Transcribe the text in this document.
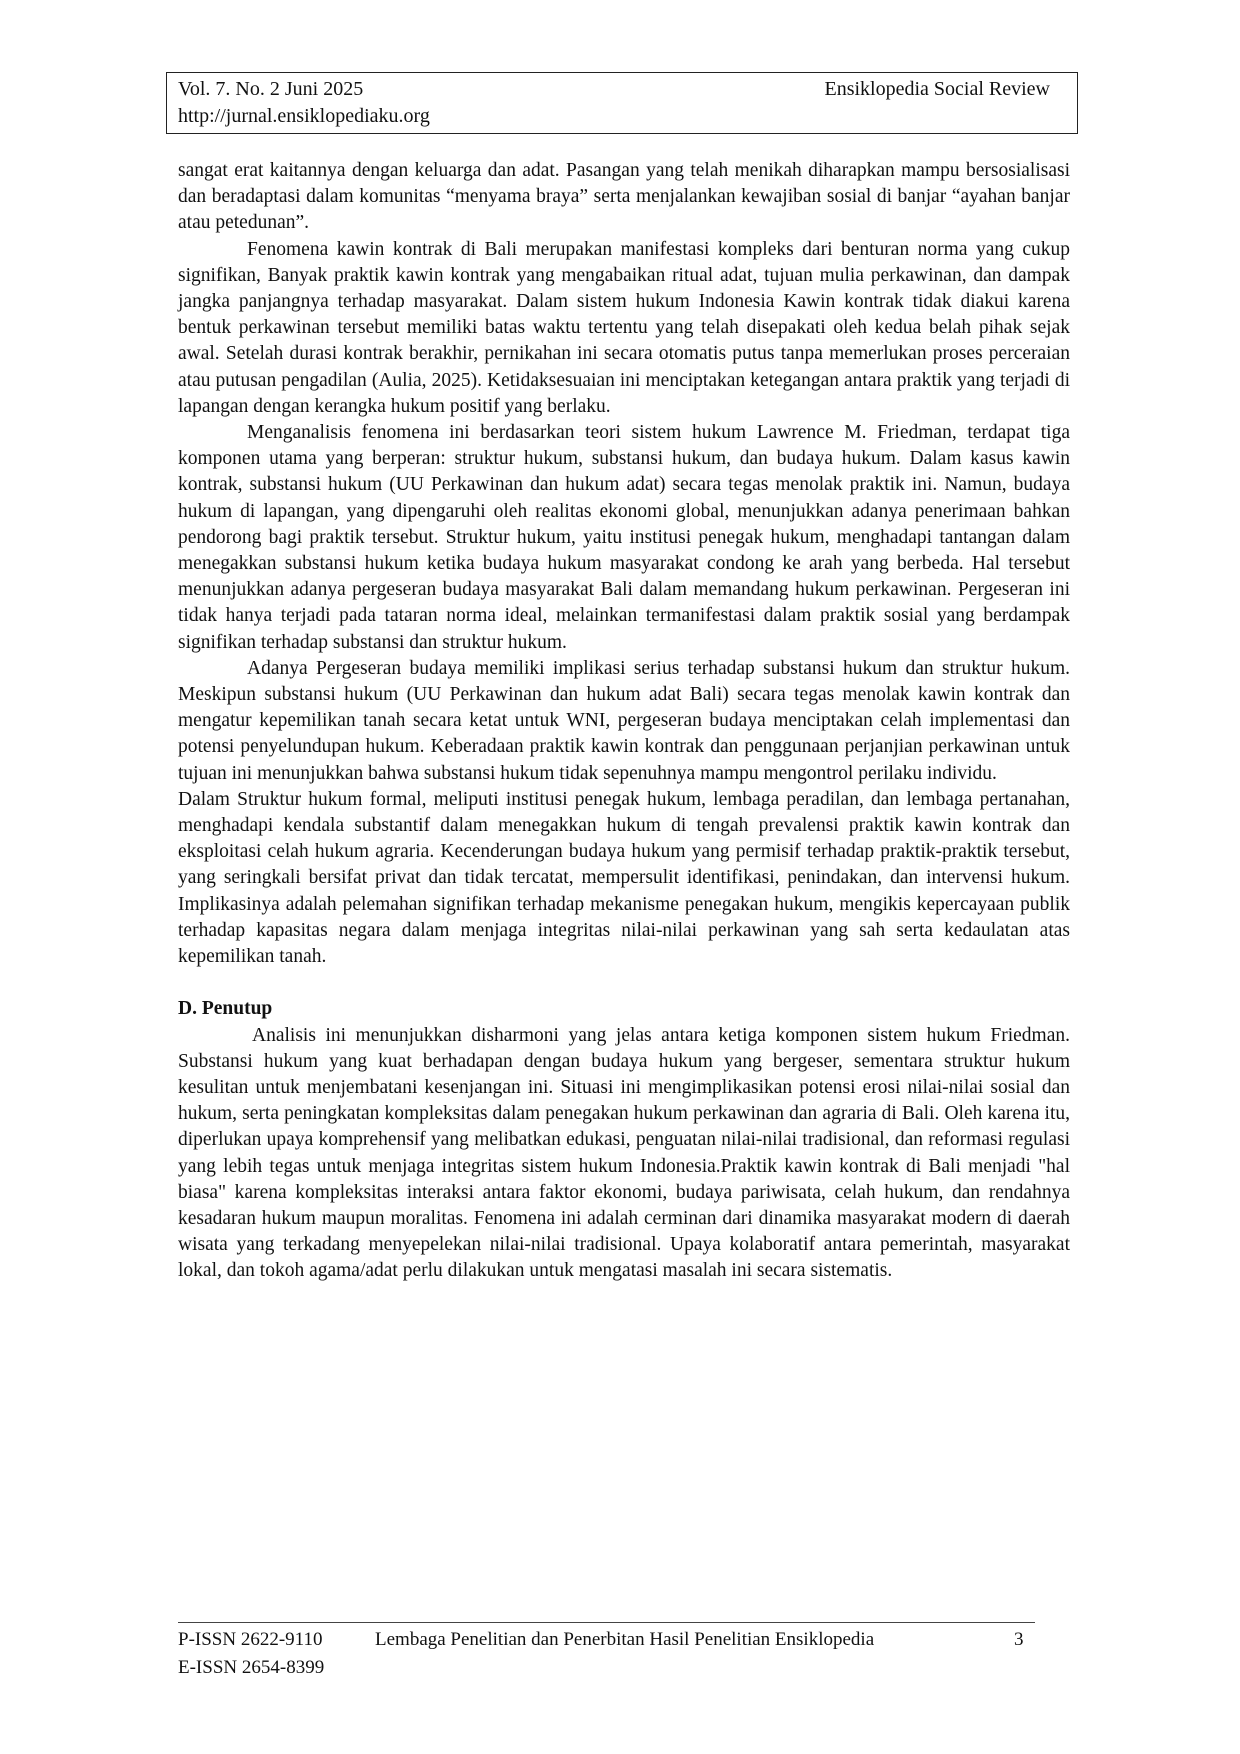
Vol. 7. No. 2 Juni 2025
http://jurnal.ensiklopediaku.org
Ensiklopedia Social Review

sangat erat kaitannya dengan keluarga dan adat. Pasangan yang telah menikah diharapkan mampu bersosialisasi dan beradaptasi dalam komunitas “menyama braya” serta menjalankan kewajiban sosial di banjar “ayahan banjar atau petedunan”.

Fenomena kawin kontrak di Bali merupakan manifestasi kompleks dari benturan norma yang cukup signifikan, Banyak praktik kawin kontrak yang mengabaikan ritual adat, tujuan mulia perkawinan, dan dampak jangka panjangnya terhadap masyarakat. Dalam sistem hukum Indonesia Kawin kontrak tidak diakui karena bentuk perkawinan tersebut memiliki batas waktu tertentu yang telah disepakati oleh kedua belah pihak sejak awal. Setelah durasi kontrak berakhir, pernikahan ini secara otomatis putus tanpa memerlukan proses perceraian atau putusan pengadilan (Aulia, 2025). Ketidaksesuaian ini menciptakan ketegangan antara praktik yang terjadi di lapangan dengan kerangka hukum positif yang berlaku.

Menganalisis fenomena ini berdasarkan teori sistem hukum Lawrence M. Friedman, terdapat tiga komponen utama yang berperan: struktur hukum, substansi hukum, dan budaya hukum. Dalam kasus kawin kontrak, substansi hukum (UU Perkawinan dan hukum adat) secara tegas menolak praktik ini. Namun, budaya hukum di lapangan, yang dipengaruhi oleh realitas ekonomi global, menunjukkan adanya penerimaan bahkan pendorong bagi praktik tersebut. Struktur hukum, yaitu institusi penegak hukum, menghadapi tantangan dalam menegakkan substansi hukum ketika budaya hukum masyarakat condong ke arah yang berbeda. Hal tersebut menunjukkan adanya pergeseran budaya masyarakat Bali dalam memandang hukum perkawinan. Pergeseran ini tidak hanya terjadi pada tataran norma ideal, melainkan termanifestasi dalam praktik sosial yang berdampak signifikan terhadap substansi dan struktur hukum.

Adanya Pergeseran budaya memiliki implikasi serius terhadap substansi hukum dan struktur hukum. Meskipun substansi hukum (UU Perkawinan dan hukum adat Bali) secara tegas menolak kawin kontrak dan mengatur kepemilikan tanah secara ketat untuk WNI, pergeseran budaya menciptakan celah implementasi dan potensi penyelundupan hukum. Keberadaan praktik kawin kontrak dan penggunaan perjanjian perkawinan untuk tujuan ini menunjukkan bahwa substansi hukum tidak sepenuhnya mampu mengontrol perilaku individu.

Dalam Struktur hukum formal, meliputi institusi penegak hukum, lembaga peradilan, dan lembaga pertanahan, menghadapi kendala substantif dalam menegakkan hukum di tengah prevalensi praktik kawin kontrak dan eksploitasi celah hukum agraria. Kecenderungan budaya hukum yang permisif terhadap praktik-praktik tersebut, yang seringkali bersifat privat dan tidak tercatat, mempersulit identifikasi, penindakan, dan intervensi hukum. Implikasinya adalah pelemahan signifikan terhadap mekanisme penegakan hukum, mengikis kepercayaan publik terhadap kapasitas negara dalam menjaga integritas nilai-nilai perkawinan yang sah serta kedaulatan atas kepemilikan tanah.

D. Penutup

Analisis ini menunjukkan disharmoni yang jelas antara ketiga komponen sistem hukum Friedman. Substansi hukum yang kuat berhadapan dengan budaya hukum yang bergeser, sementara struktur hukum kesulitan untuk menjembatani kesenjangan ini. Situasi ini mengimplikasikan potensi erosi nilai-nilai sosial dan hukum, serta peningkatan kompleksitas dalam penegakan hukum perkawinan dan agraria di Bali. Oleh karena itu, diperlukan upaya komprehensif yang melibatkan edukasi, penguatan nilai-nilai tradisional, dan reformasi regulasi yang lebih tegas untuk menjaga integritas sistem hukum Indonesia.Praktik kawin kontrak di Bali menjadi "hal biasa" karena kompleksitas interaksi antara faktor ekonomi, budaya pariwisata, celah hukum, dan rendahnya kesadaran hukum maupun moralitas. Fenomena ini adalah cerminan dari dinamika masyarakat modern di daerah wisata yang terkadang menyepelekan nilai-nilai tradisional. Upaya kolaboratif antara pemerintah, masyarakat lokal, dan tokoh agama/adat perlu dilakukan untuk mengatasi masalah ini secara sistematis.

P-ISSN 2622-9110
E-ISSN 2654-8399
Lembaga Penelitian dan Penerbitan Hasil Penelitian Ensiklopedia	3
